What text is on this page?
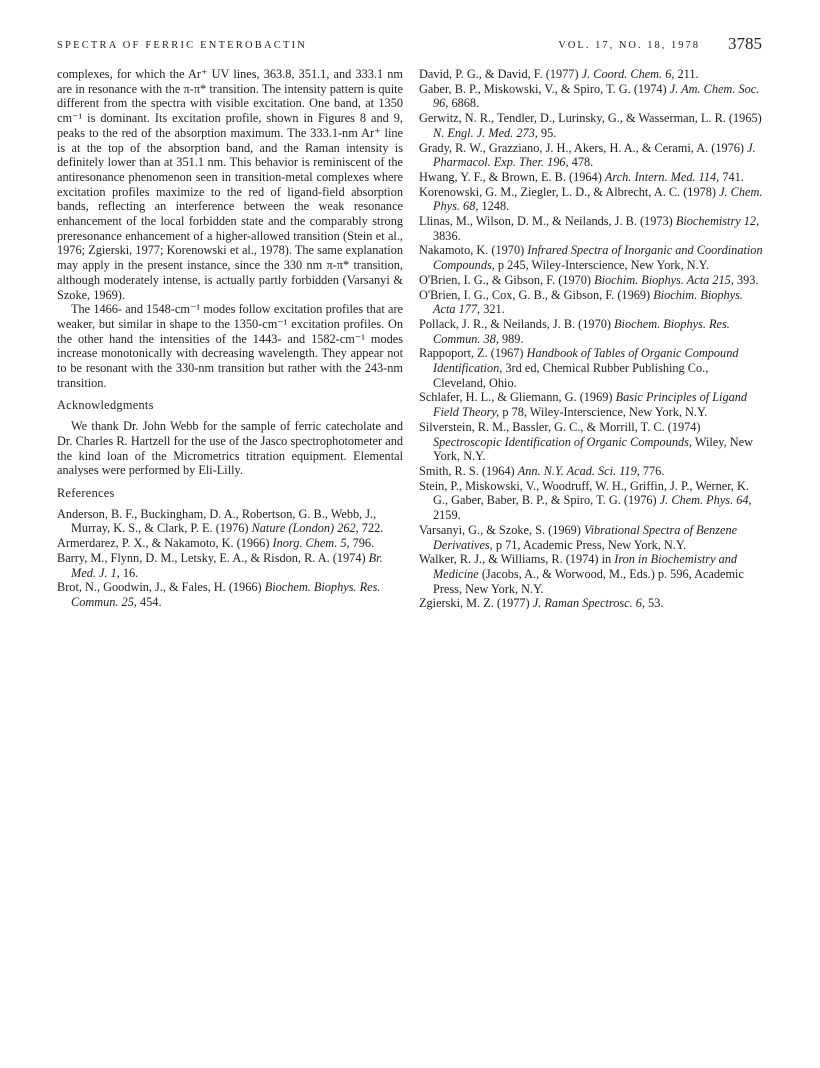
SPECTRA OF FERRIC ENTEROBACTIN	VOL. 17, NO. 18, 1978 3785

complexes, for which the Ar⁺ UV lines, 363.8, 351.1, and 333.1 nm are in resonance with the π-π* transition. The intensity pattern is quite different from the spectra with visible excitation. One band, at 1350 cm⁻¹ is dominant. Its excitation profile, shown in Figures 8 and 9, peaks to the red of the absorption maximum. The 333.1-nm Ar⁺ line is at the top of the absorption band, and the Raman intensity is definitely lower than at 351.1 nm. This behavior is reminiscent of the antiresonance phenomenon seen in transition-metal complexes where excitation profiles maximize to the red of ligand-field absorption bands, reflecting an interference between the weak resonance enhancement of the local forbidden state and the comparably strong preresonance enhancement of a higher-allowed transition (Stein et al., 1976; Zgierski, 1977; Korenowski et al., 1978). The same explanation may apply in the present instance, since the 330 nm π-π* transition, although moderately intense, is actually partly forbidden (Varsanyi & Szoke, 1969).

The 1466- and 1548-cm⁻¹ modes follow excitation profiles that are weaker, but similar in shape to the 1350-cm⁻¹ excitation profiles. On the other hand the intensities of the 1443- and 1582-cm⁻¹ modes increase monotonically with decreasing wavelength. They appear not to be resonant with the 330-nm transition but rather with the 243-nm transition.

Acknowledgments

We thank Dr. John Webb for the sample of ferric catecholate and Dr. Charles R. Hartzell for the use of the Jasco spectrophotometer and the kind loan of the Micrometrics titration equipment. Elemental analyses were performed by Eli-Lilly.

References

Anderson, B. F., Buckingham, D. A., Robertson, G. B., Webb, J., Murray, K. S., & Clark, P. E. (1976) Nature (London) 262, 722.

Armerdarez, P. X., & Nakamoto, K. (1966) Inorg. Chem. 5, 796.

Barry, M., Flynn, D. M., Letsky, E. A., & Risdon, R. A. (1974) Br. Med. J. 1, 16.

Brot, N., Goodwin, J., & Fales, H. (1966) Biochem. Biophys. Res. Commun. 25, 454.

David, P. G., & David, F. (1977) J. Coord. Chem. 6, 211.

Gaber, B. P., Miskowski, V., & Spiro, T. G. (1974) J. Am. Chem. Soc. 96, 6868.

Gerwitz, N. R., Tendler, D., Lurinsky, G., & Wasserman, L. R. (1965) N. Engl. J. Med. 273, 95.

Grady, R. W., Grazziano, J. H., Akers, H. A., & Cerami, A. (1976) J. Pharmacol. Exp. Ther. 196, 478.

Hwang, Y. F., & Brown, E. B. (1964) Arch. Intern. Med. 114, 741.

Korenowski, G. M., Ziegler, L. D., & Albrecht, A. C. (1978) J. Chem. Phys. 68, 1248.

Llinas, M., Wilson, D. M., & Neilands, J. B. (1973) Biochemistry 12, 3836.

Nakamoto, K. (1970) Infrared Spectra of Inorganic and Coordination Compounds, p 245, Wiley-Interscience, New York, N.Y.

O'Brien, I. G., & Gibson, F. (1970) Biochim. Biophys. Acta 215, 393.

O'Brien, I. G., Cox, G. B., & Gibson, F. (1969) Biochim. Biophys. Acta 177, 321.

Pollack, J. R., & Neilands, J. B. (1970) Biochem. Biophys. Res. Commun. 38, 989.

Rappoport, Z. (1967) Handbook of Tables of Organic Compound Identification, 3rd ed, Chemical Rubber Publishing Co., Cleveland, Ohio.

Schlafer, H. L., & Gliemann, G. (1969) Basic Principles of Ligand Field Theory, p 78, Wiley-Interscience, New York, N.Y.

Silverstein, R. M., Bassler, G. C., & Morrill, T. C. (1974) Spectroscopic Identification of Organic Compounds, Wiley, New York, N.Y.

Smith, R. S. (1964) Ann. N.Y. Acad. Sci. 119, 776.

Stein, P., Miskowski, V., Woodruff, W. H., Griffin, J. P., Werner, K. G., Gaber, Baber, B. P., & Spiro, T. G. (1976) J. Chem. Phys. 64, 2159.

Varsanyi, G., & Szoke, S. (1969) Vibrational Spectra of Benzene Derivatives, p 71, Academic Press, New York, N.Y.

Walker, R. J., & Williams, R. (1974) in Iron in Biochemistry and Medicine (Jacobs, A., & Worwood, M., Eds.) p. 596, Academic Press, New York, N.Y.

Zgierski, M. Z. (1977) J. Raman Spectrosc. 6, 53.
